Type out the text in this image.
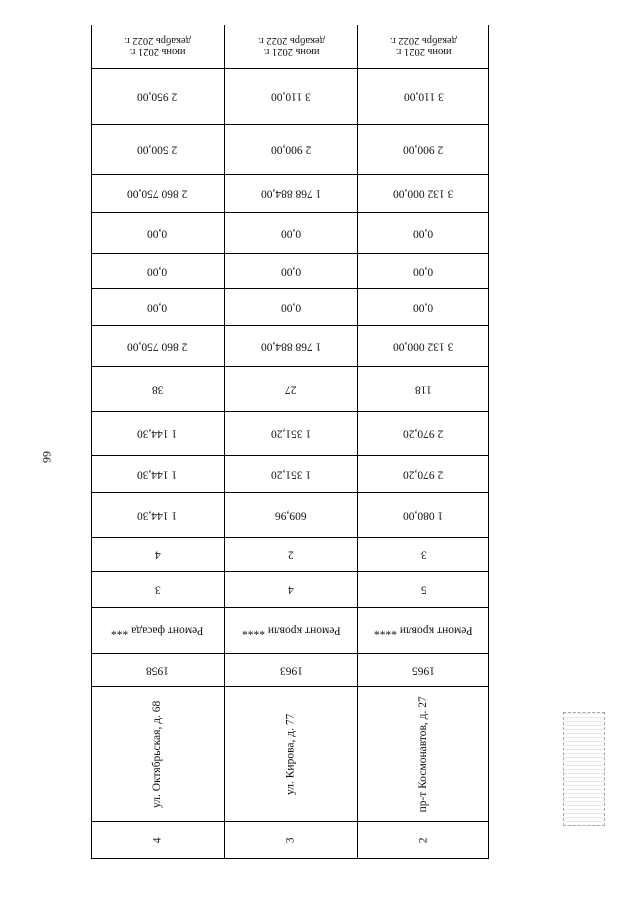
66
июнь 2021 г.
декабрь 2022 г.
2 950,00
2 500,00
2 860 750,00
0,00
0,00
0,00
2 860 750,00
38
1 144,30
1 144,30
1 144,30
4
3
Ремонт фасада ***
1958
ул. Октябрьская, д. 68
4
июнь 2021 г.
декабрь 2022 г.
3 110,00
2 900,00
1 768 884,00
0,00
0,00
0,00
1 768 884,00
27
1 351,20
1 351,20
609,96
2
4
Ремонт кровли ****
1963
ул. Кирова, д. 77
3
июнь 2021 г.
декабрь 2022 г.
3 110,00
2 900,00
3 132 000,00
0,00
0,00
0,00
3 132 000,00
118
2 970,20
2 970,20
1 080,00
3
5
Ремонт кровли ****
1965
пр-т Космонавтов, д. 27
2
